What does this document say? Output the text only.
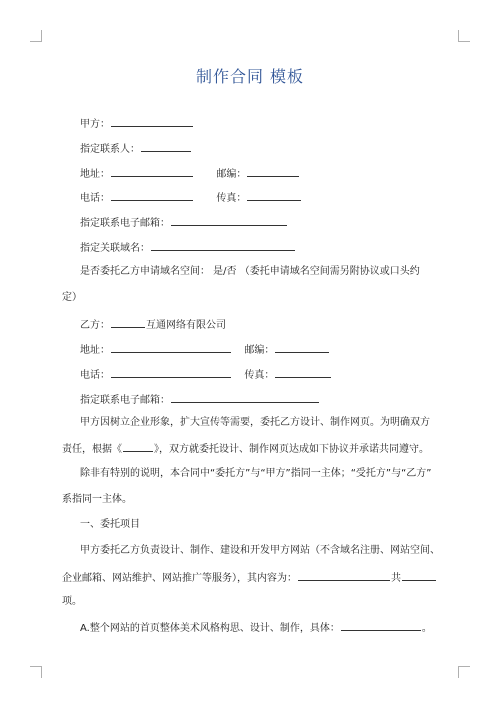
制作合同 模板
甲方：
指定联系人：
地址：	邮编：
电话：	传真：
指定联系电子邮箱：
指定关联域名：
是否委托乙方申请域名空间： 是/否 （委托申请域名空间需另附协议或口头约
定）
乙方：	互通网络有限公司
地址：	邮编：
电话：	传真：
指定联系电子邮箱：
甲方因树立企业形象，扩大宣传等需要，委托乙方设计、制作网页。为明确双方
责任，根据《	》，双方就委托设计、制作网页达成如下协议并承诺共同遵守。
除非有特别的说明，本合同中“委托方”与“甲方”指同一主体；“受托方”与“乙方”
系指同一主体。
一、委托项目
甲方委托乙方负责设计、制作、建设和开发甲方网站（不含域名注册、网站空间、
企业邮箱、网站维护、网站推广等服务），其内容为：	共
项。
A.整个网站的首页整体美术风格构思、设计、制作，具体：	。
